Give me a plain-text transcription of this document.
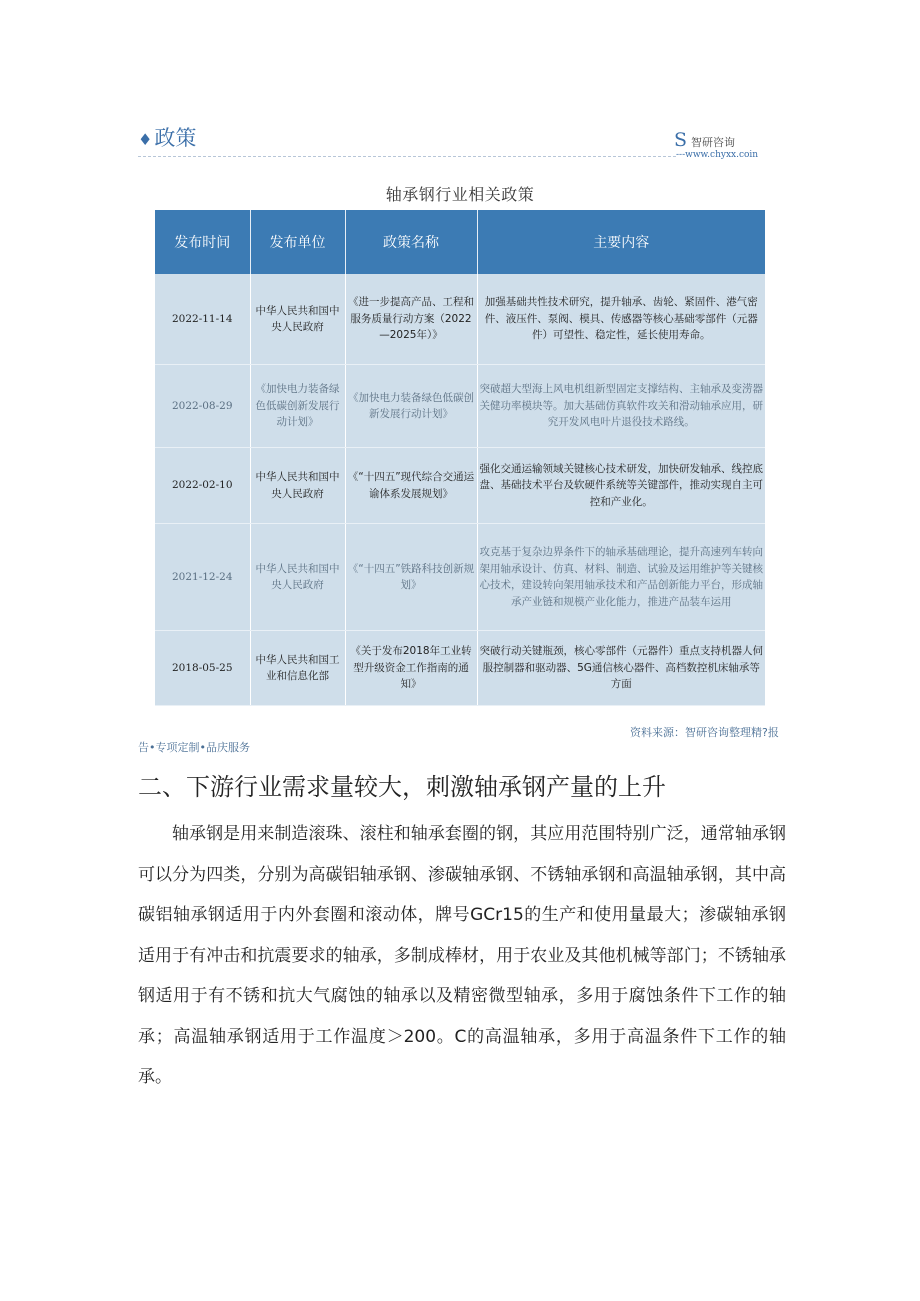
♦政策	S智研咨询
---www.chyxx.coin
轴承钢行业相关政策
发布时间	发布单位	政策名称	主要内容
2022-11-14	中华人民共和国中央人民政府	《进一步提高产品、工程和服务质量行动方案（2022—2025年）》	加强基础共性技术研究，提升轴承、齿轮、紧固件、港气密件、液压件、泵阀、模具、传感器等核心基础零部件（元器件）可望性、稳定性，延长使用寿命。
2022-08-29	《加快电力装备绿色低碳创新发展行动计划》	《加快电力装备绿色低碳创新发展行动计划》	突破超大型海上风电机组新型固定支撑结构、主轴承及变涝器关健功率模块等。加大基础仿真软件攻关和滑动轴承应用，研究开发风电叶片退役技术路线。
2022-02-10	中华人民共和国中央人民政府	《“十四五”现代综合交通运谕体系发展规划》	强化交通运输领域关键核心技术研发，加快研发轴承、线控底盘、基础技术平台及软硬件系统等关键部件，推动实现自主可控和产业化。
2021-12-24	中华人民共和国中央人民政府	《“十四五”铁路科技创新规划》	攻克基于复杂边界条件下的轴承基础理论，提升高速列车转向架用轴承设计、仿真、材料、制造、试验及运用维护等关键核心技术，建设转向架用轴承技术和产品创新能力平台，形成轴承产业链和规模产业化能力，推进产品装车运用
2018-05-25	中华人民共和国工业和信息化部	《关于发布2018年工业转型升级资金工作指南的通知》	突破行动关键瓶颈，核心零部件（元器件）重点支持机器人伺服控制器和驱动器、5G通信核心器件、高档数控机床轴承等方面
资料来源：智研咨询整理精?报
告•专项定制•品庆服务
二、下游行业需求量较大，刺激轴承钢产量的上升

轴承钢是用来制造滚珠、滚柱和轴承套圈的钢，其应用范围特别广泛，通常轴承钢可以分为四类，分别为高碳铝轴承钢、渗碳轴承钢、不锈轴承钢和高温轴承钢，其中高碳铝轴承钢适用于内外套圈和滚动体，牌号GCr15的生产和使用量最大；渗碳轴承钢适用于有冲击和抗震要求的轴承，多制成棒材，用于农业及其他机械等部门；不锈轴承钢适用于有不锈和抗大气腐蚀的轴承以及精密微型轴承，多用于腐蚀条件下工作的轴承；高温轴承钢适用于工作温度＞200。C的高温轴承，多用于高温条件下工作的轴承。
